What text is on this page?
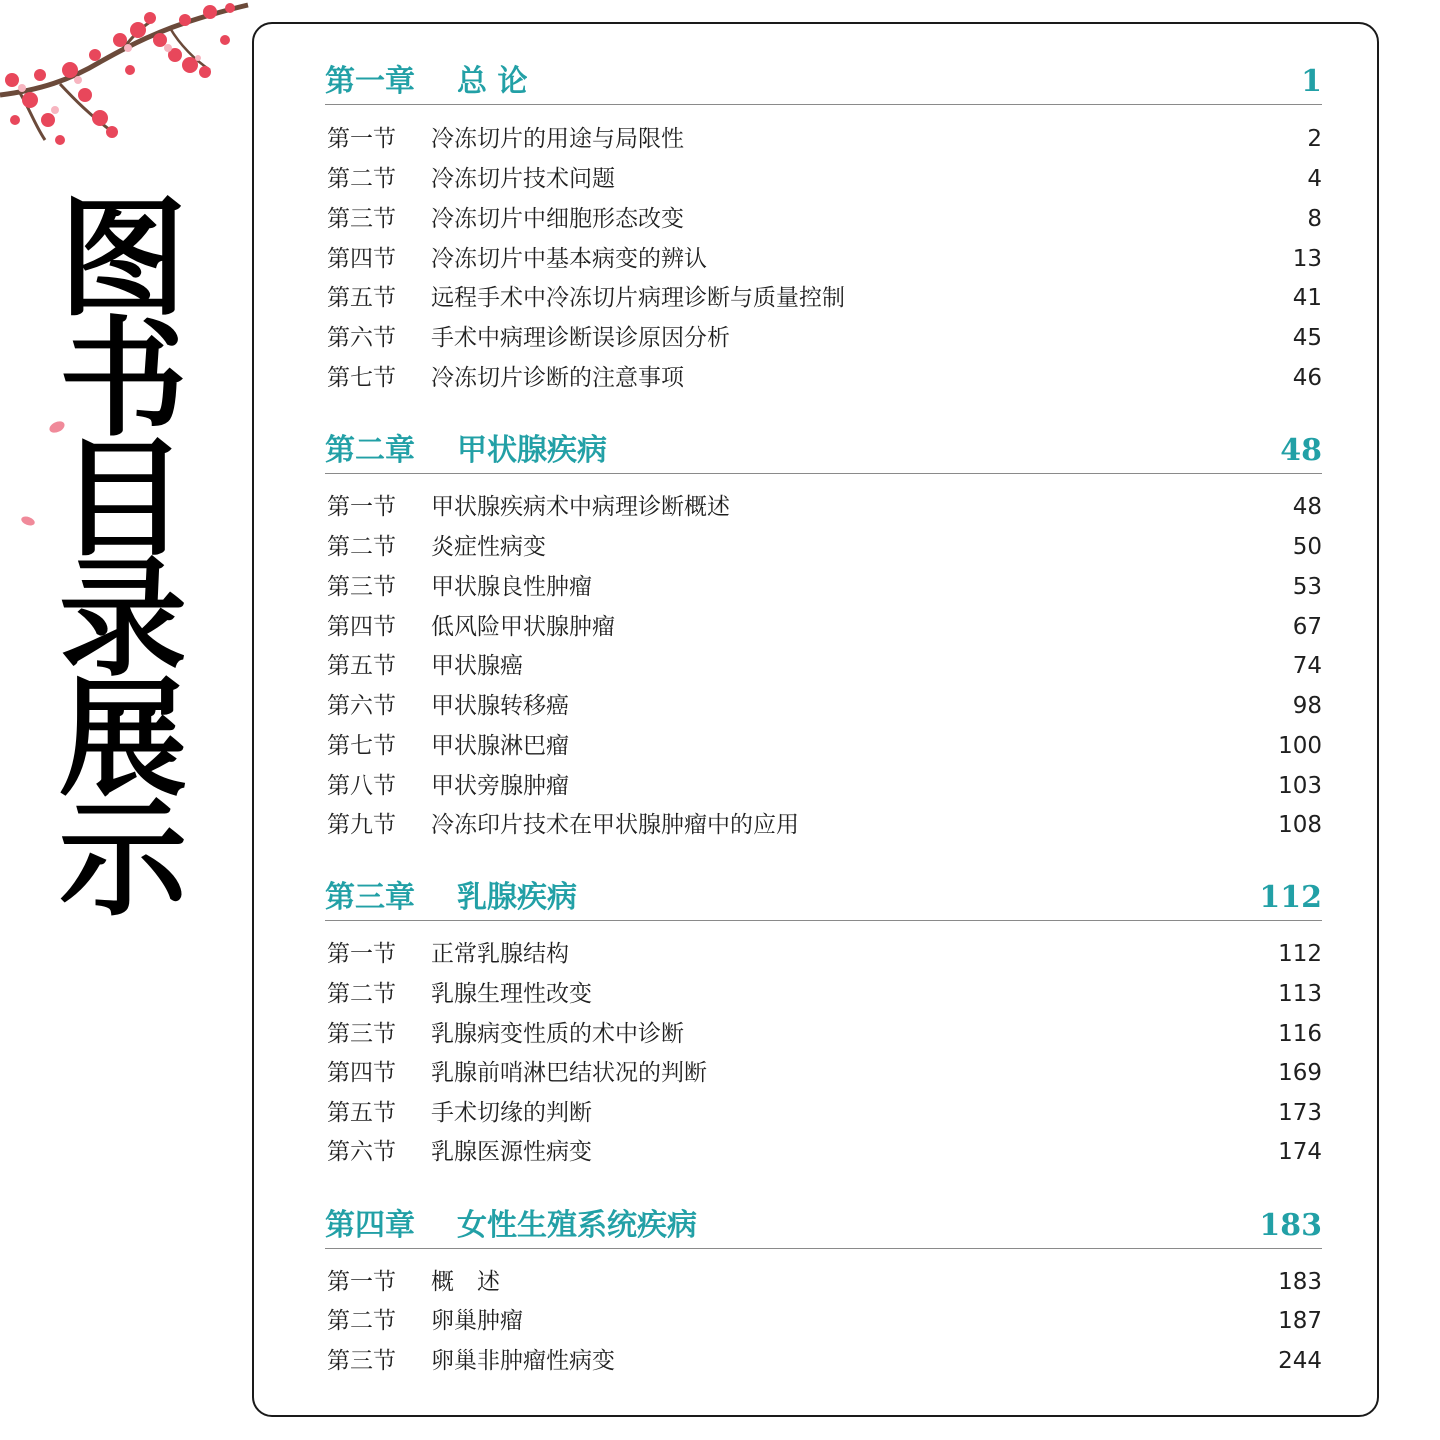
图
书
目
录
展
示
第一章 总 论	1
第一节 冷冻切片的用途与局限性	2
第二节 冷冻切片技术问题	4
第三节 冷冻切片中细胞形态改变	8
第四节 冷冻切片中基本病变的辨认	13
第五节 远程手术中冷冻切片病理诊断与质量控制	41
第六节 手术中病理诊断误诊原因分析	45
第七节 冷冻切片诊断的注意事项	46
第二章 甲状腺疾病	48
第一节 甲状腺疾病术中病理诊断概述	48
第二节 炎症性病变	50
第三节 甲状腺良性肿瘤	53
第四节 低风险甲状腺肿瘤	67
第五节 甲状腺癌	74
第六节 甲状腺转移癌	98
第七节 甲状腺淋巴瘤	100
第八节 甲状旁腺肿瘤	103
第九节 冷冻印片技术在甲状腺肿瘤中的应用	108
第三章 乳腺疾病	112
第一节 正常乳腺结构	112
第二节 乳腺生理性改变	113
第三节 乳腺病变性质的术中诊断	116
第四节 乳腺前哨淋巴结状况的判断	169
第五节 手术切缘的判断	173
第六节 乳腺医源性病变	174
第四章 女性生殖系统疾病	183
第一节 概　述	183
第二节 卵巢肿瘤	187
第三节 卵巢非肿瘤性病变	244
